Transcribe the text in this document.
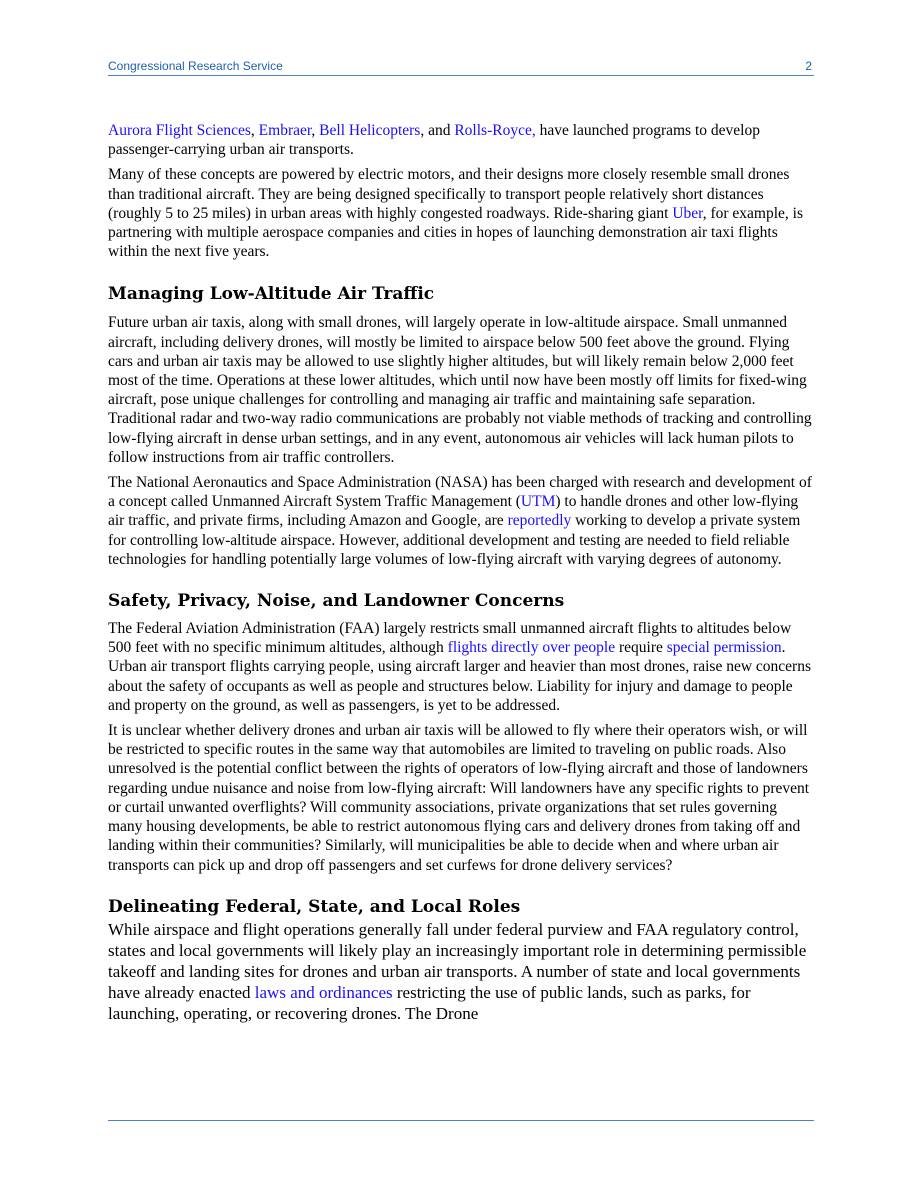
Congressional Research Service	2

Aurora Flight Sciences, Embraer, Bell Helicopters, and Rolls-Royce, have launched programs to develop passenger-carrying urban air transports.

Many of these concepts are powered by electric motors, and their designs more closely resemble small drones than traditional aircraft. They are being designed specifically to transport people relatively short distances (roughly 5 to 25 miles) in urban areas with highly congested roadways. Ride-sharing giant Uber, for example, is partnering with multiple aerospace companies and cities in hopes of launching demonstration air taxi flights within the next five years.

Managing Low-Altitude Air Traffic

Future urban air taxis, along with small drones, will largely operate in low-altitude airspace. Small unmanned aircraft, including delivery drones, will mostly be limited to airspace below 500 feet above the ground. Flying cars and urban air taxis may be allowed to use slightly higher altitudes, but will likely remain below 2,000 feet most of the time. Operations at these lower altitudes, which until now have been mostly off limits for fixed-wing aircraft, pose unique challenges for controlling and managing air traffic and maintaining safe separation. Traditional radar and two-way radio communications are probably not viable methods of tracking and controlling low-flying aircraft in dense urban settings, and in any event, autonomous air vehicles will lack human pilots to follow instructions from air traffic controllers.

The National Aeronautics and Space Administration (NASA) has been charged with research and development of a concept called Unmanned Aircraft System Traffic Management (UTM) to handle drones and other low-flying air traffic, and private firms, including Amazon and Google, are reportedly working to develop a private system for controlling low-altitude airspace. However, additional development and testing are needed to field reliable technologies for handling potentially large volumes of low-flying aircraft with varying degrees of autonomy.

Safety, Privacy, Noise, and Landowner Concerns

The Federal Aviation Administration (FAA) largely restricts small unmanned aircraft flights to altitudes below 500 feet with no specific minimum altitudes, although flights directly over people require special permission. Urban air transport flights carrying people, using aircraft larger and heavier than most drones, raise new concerns about the safety of occupants as well as people and structures below. Liability for injury and damage to people and property on the ground, as well as passengers, is yet to be addressed.

It is unclear whether delivery drones and urban air taxis will be allowed to fly where their operators wish, or will be restricted to specific routes in the same way that automobiles are limited to traveling on public roads. Also unresolved is the potential conflict between the rights of operators of low-flying aircraft and those of landowners regarding undue nuisance and noise from low-flying aircraft: Will landowners have any specific rights to prevent or curtail unwanted overflights? Will community associations, private organizations that set rules governing many housing developments, be able to restrict autonomous flying cars and delivery drones from taking off and landing within their communities? Similarly, will municipalities be able to decide when and where urban air transports can pick up and drop off passengers and set curfews for drone delivery services?

Delineating Federal, State, and Local Roles

While airspace and flight operations generally fall under federal purview and FAA regulatory control, states and local governments will likely play an increasingly important role in determining permissible takeoff and landing sites for drones and urban air transports. A number of state and local governments have already enacted laws and ordinances restricting the use of public lands, such as parks, for launching, operating, or recovering drones. The Drone
